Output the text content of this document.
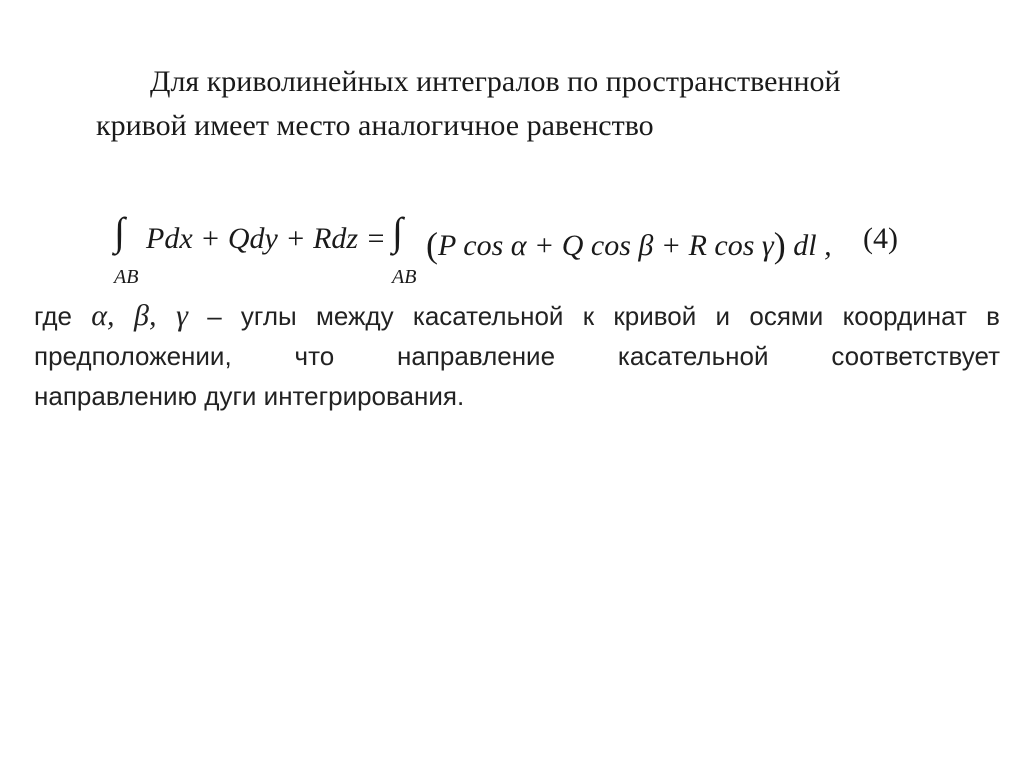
Для криволинейных интегралов по пространственной
кривой имеет место аналогичное равенство
∫
AB
Pdx + Qdy + Rdz = ∫
AB
(P cos α + Q cos β + R cos γ) dl , (4)
где α, β, γ – углы между касательной к кривой и осями координат в
предположении, что направление касательной соответствует
направлению дуги интегрирования.
